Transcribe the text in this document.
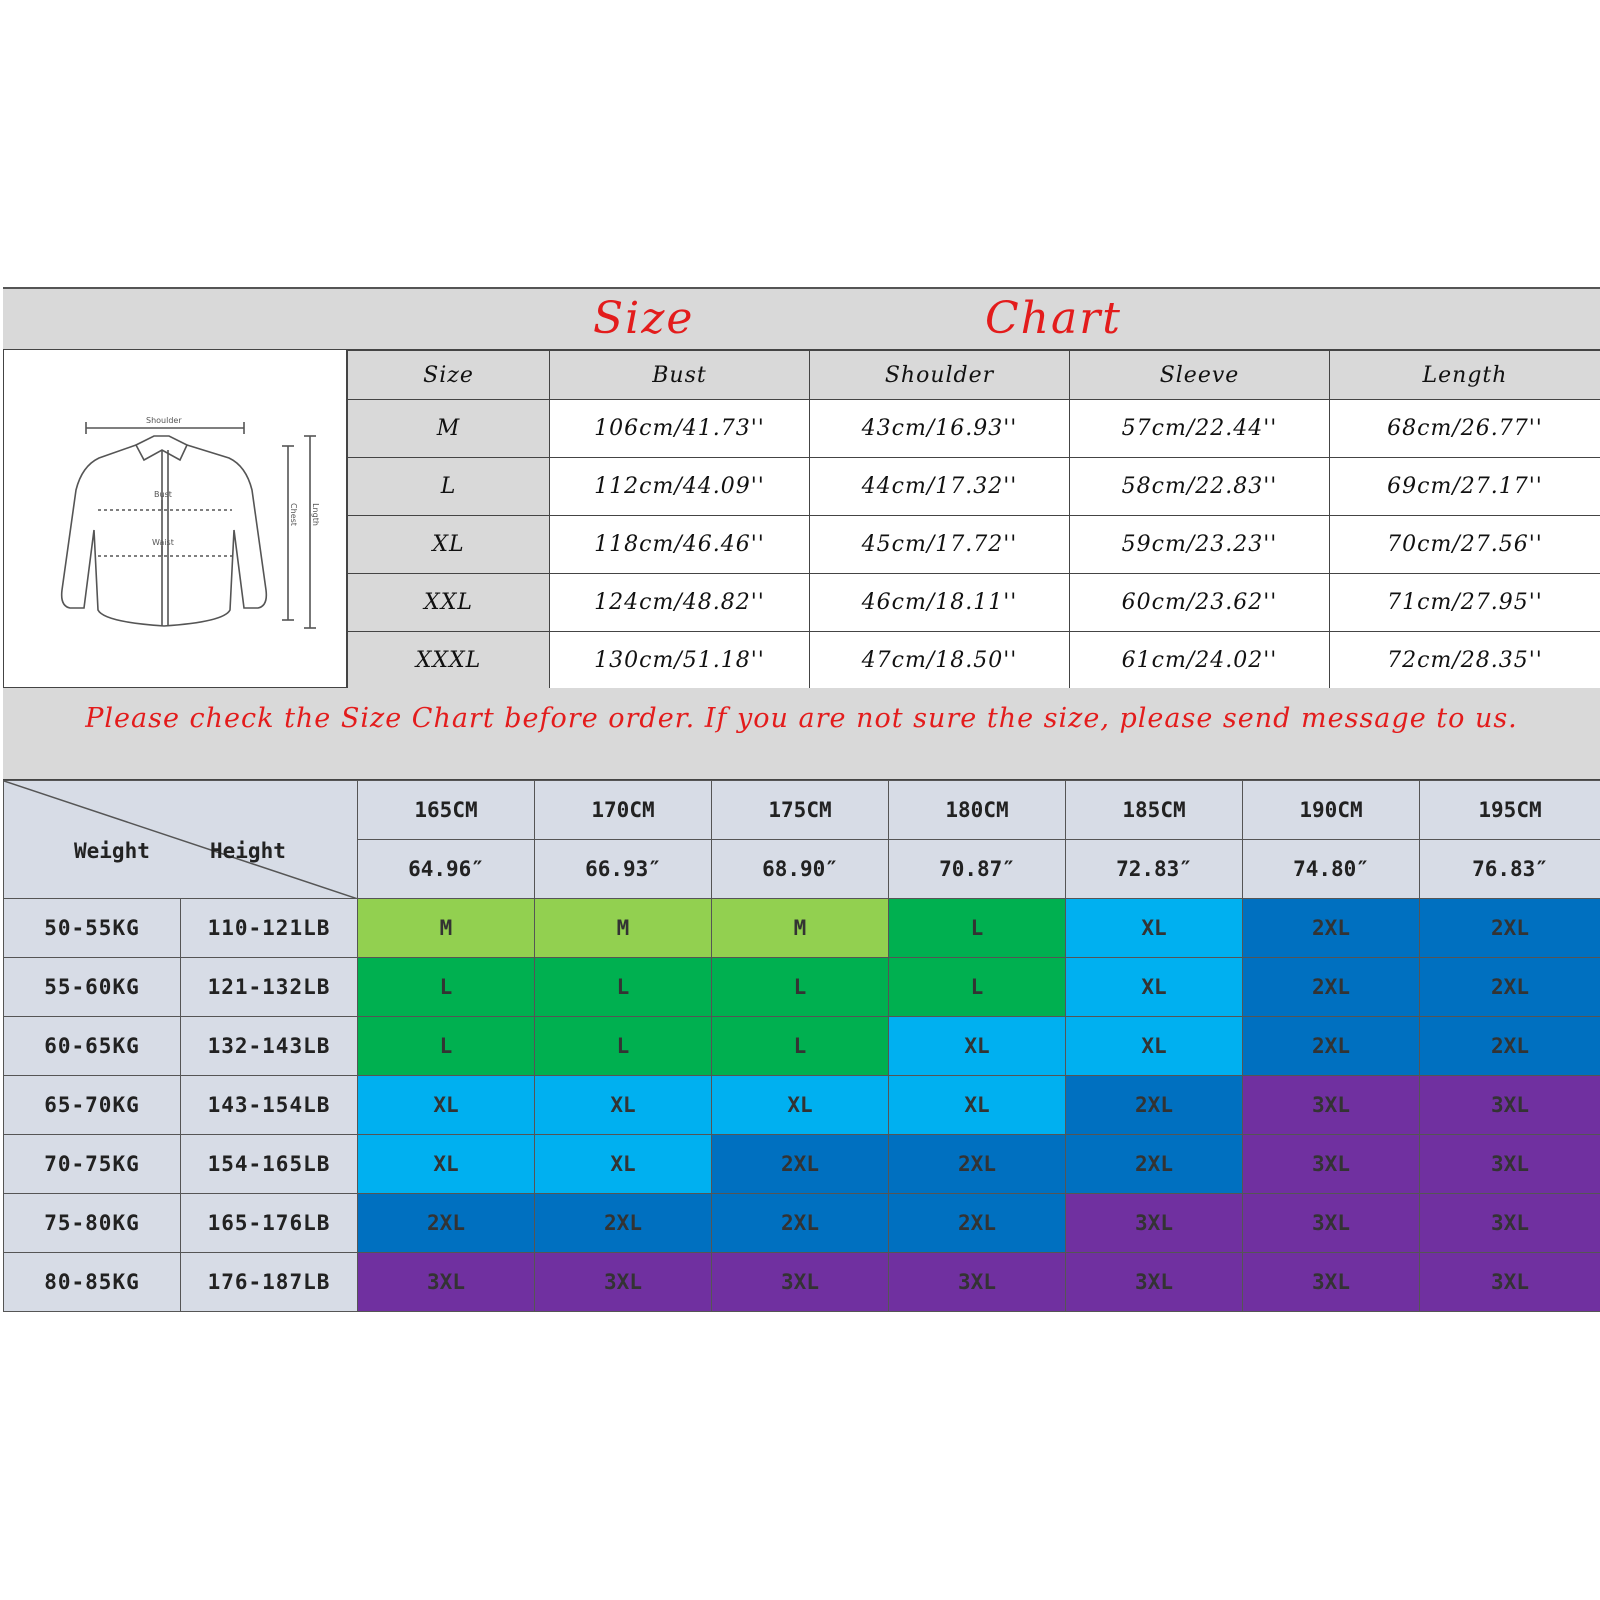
Size	Chart
Shoulder
Bust
Waist
Chest Lngth
Size	Bust	Shoulder	Sleeve	Length
M	106cm/41.73''	43cm/16.93''	57cm/22.44''	68cm/26.77''
L	112cm/44.09''	44cm/17.32''	58cm/22.83''	69cm/27.17''
XL	118cm/46.46''	45cm/17.72''	59cm/23.23''	70cm/27.56''
XXL	124cm/48.82''	46cm/18.11''	60cm/23.62''	71cm/27.95''
XXXL	130cm/51.18''	47cm/18.50''	61cm/24.02''	72cm/28.35''
Please check the Size Chart before order. If you are not sure the size, please send message to us.
Weight Height		165CM	170CM	175CM	180CM	185CM	190CM	195CM
		64.96″	66.93″	68.90″	70.87″	72.83″	74.80″	76.83″
50-55KG	110-121LB	M	M	M	L	XL	2XL	2XL
55-60KG	121-132LB	L	L	L	L	XL	2XL	2XL
60-65KG	132-143LB	L	L	L	XL	XL	2XL	2XL
65-70KG	143-154LB	XL	XL	XL	XL	2XL	3XL	3XL
70-75KG	154-165LB	XL	XL	2XL	2XL	2XL	3XL	3XL
75-80KG	165-176LB	2XL	2XL	2XL	2XL	3XL	3XL	3XL
80-85KG	176-187LB	3XL	3XL	3XL	3XL	3XL	3XL	3XL
